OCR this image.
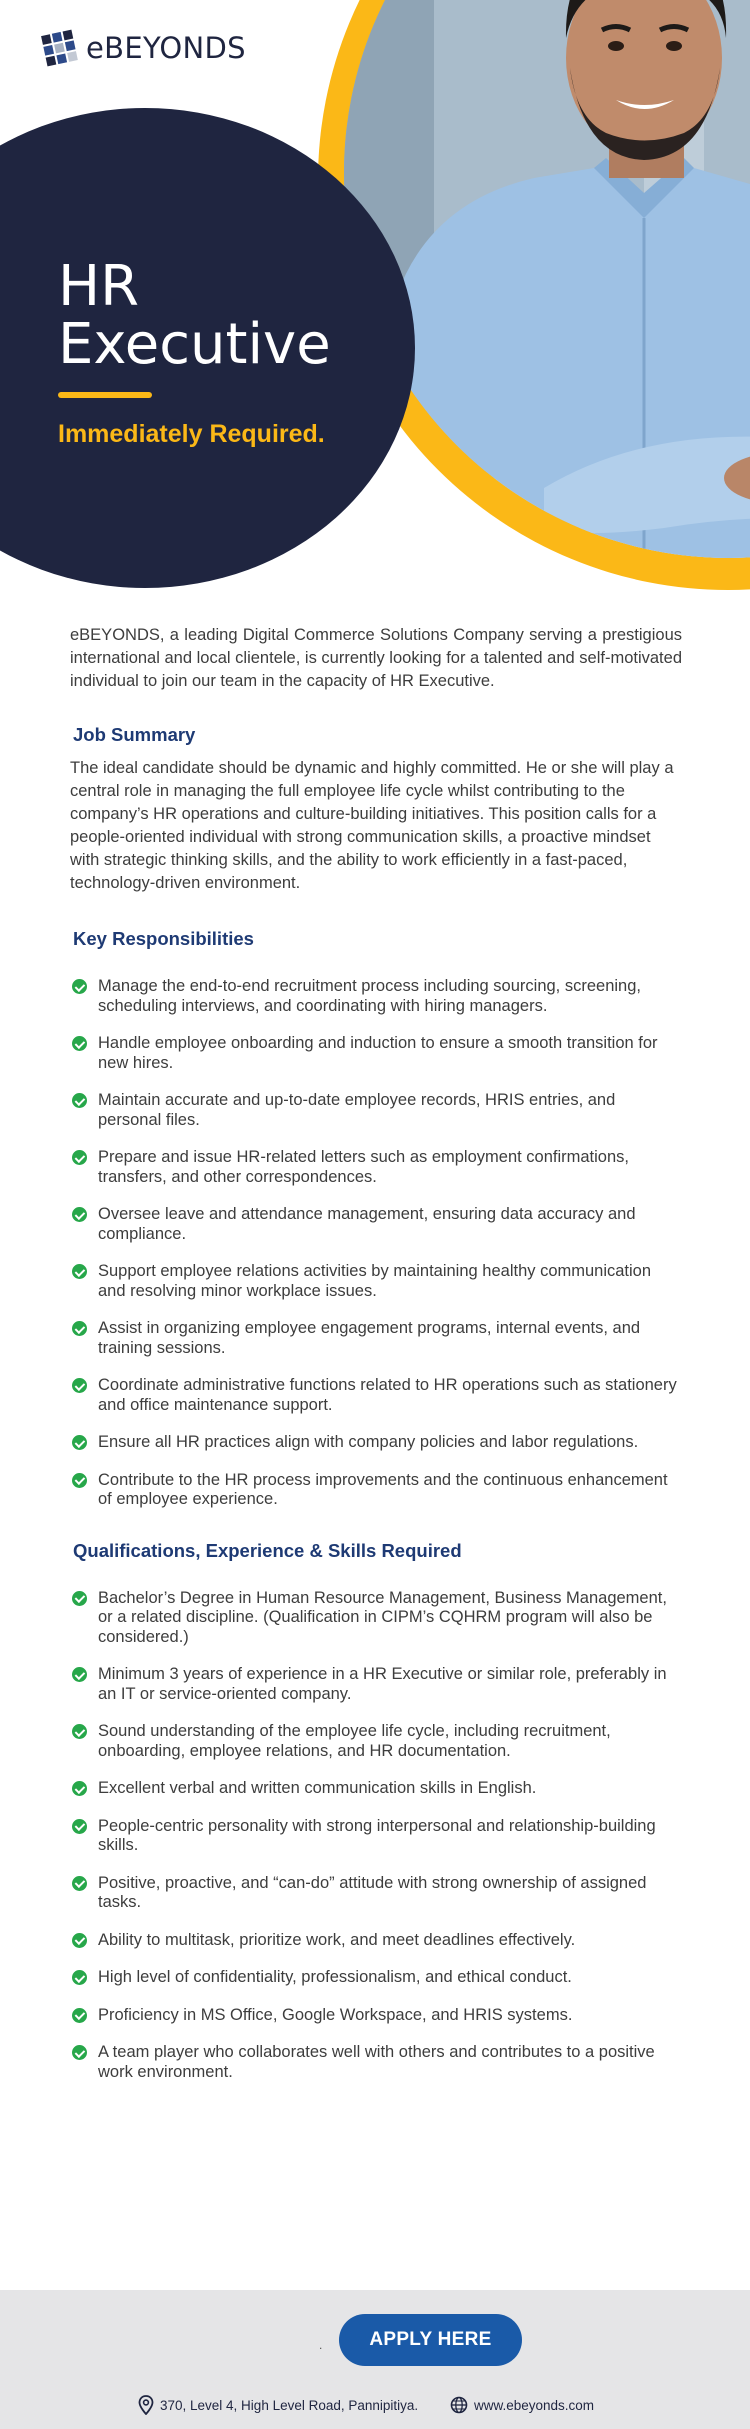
eBEYONDS
HR
Executive
Immediately Required.

eBEYONDS, a leading Digital Commerce Solutions Company serving a prestigious international and local clientele, is currently looking for a talented and self-motivated individual to join our team in the capacity of HR Executive.

Job Summary

The ideal candidate should be dynamic and highly committed. He or she will play a central role in managing the full employee life cycle whilst contributing to the company’s HR operations and culture-building initiatives. This position calls for a people-oriented individual with strong communication skills, a proactive mindset with strategic thinking skills, and the ability to work efficiently in a fast-paced, technology-driven environment.

Key Responsibilities
Manage the end-to-end recruitment process including sourcing, screening, scheduling interviews, and coordinating with hiring managers.
Handle employee onboarding and induction to ensure a smooth transition for new hires.
Maintain accurate and up-to-date employee records, HRIS entries, and personal files.
Prepare and issue HR-related letters such as employment confirmations, transfers, and other correspondences.
Oversee leave and attendance management, ensuring data accuracy and compliance.
Support employee relations activities by maintaining healthy communication and resolving minor workplace issues.
Assist in organizing employee engagement programs, internal events, and training sessions.
Coordinate administrative functions related to HR operations such as stationery and office maintenance support.
Ensure all HR practices align with company policies and labor regulations.
Contribute to the HR process improvements and the continuous enhancement of employee experience.
Qualifications, Experience & Skills Required
Bachelor’s Degree in Human Resource Management, Business Management, or a related discipline. (Qualification in CIPM’s CQHRM program will also be considered.)
Minimum 3 years of experience in a HR Executive or similar role, preferably in an IT or service-oriented company.
Sound understanding of the employee life cycle, including recruitment, onboarding, employee relations, and HR documentation.
Excellent verbal and written communication skills in English.
People-centric personality with strong interpersonal and relationship-building skills.
Positive, proactive, and “can-do” attitude with strong ownership of assigned tasks.
Ability to multitask, prioritize work, and meet deadlines effectively.
High level of confidentiality, professionalism, and ethical conduct.
Proficiency in MS Office, Google Workspace, and HRIS systems.
A team player who collaborates well with others and contributes to a positive work environment.
.	APPLY HERE
370, Level 4, High Level Road, Pannipitiya.	www.ebeyonds.com
